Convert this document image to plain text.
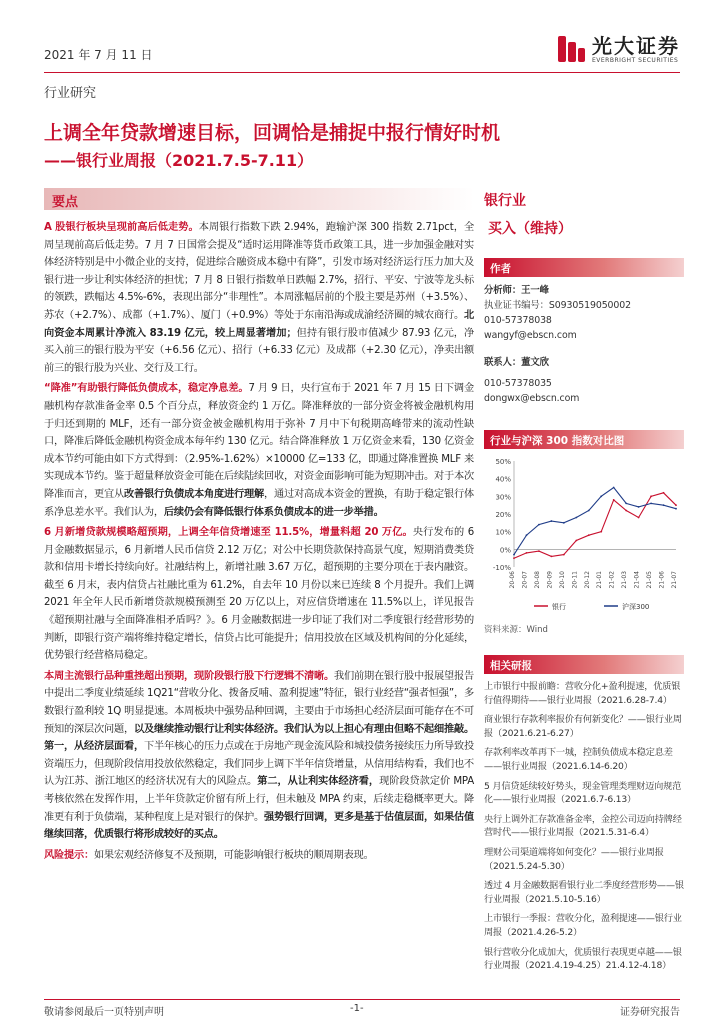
2021 年 7 月 11 日	光大证券
EVERBRIGHT SECURITIES
行业研究
上调全年贷款增速目标，回调恰是捕捉中报行情好时机
——银行业周报（2021.7.5-7.11）
要点

A 股银行板块呈现前高后低走势。本周银行指数下跌 2.94%，跑输沪深 300 指数 2.71pct，全周呈现前高后低走势。7 月 7 日国常会提及“适时运用降准等货币政策工具，进一步加强金融对实体经济特别是中小微企业的支持，促进综合融资成本稳中有降”，引发市场对经济运行压力加大及银行进一步让利实体经济的担忧；7 月 8 日银行指数单日跌幅 2.7%，招行、平安、宁波等龙头标的领跌，跌幅达 4.5%-6%，表现出部分“非理性”。本周涨幅居前的个股主要是苏州（+3.5%）、苏农（+2.7%）、成都（+1.7%）、厦门（+0.9%）等处于东南沿海或成渝经济圈的城农商行。北向资金本周累计净流入 83.19 亿元，较上周显著增加；但持有银行股市值减少 87.93 亿元，净买入前三的银行股为平安（+6.56 亿元）、招行（+6.33 亿元）及成都（+2.30 亿元），净卖出额前三的银行股为兴业、交行及工行。

“降准”有助银行降低负债成本，稳定净息差。7 月 9 日，央行宣布于 2021 年 7 月 15 日下调金融机构存款准备金率 0.5 个百分点，释放资金约 1 万亿。降准释放的一部分资金将被金融机构用于归还到期的 MLF，还有一部分资金被金融机构用于弥补 7 月中下旬税期高峰带来的流动性缺口，降准后降低金融机构资金成本每年约 130 亿元。结合降准释放 1 万亿资金来看，130 亿资金成本节约可能由如下方式得到：（2.95%-1.62%）×10000 亿=133 亿，即通过降准置换 MLF 来实现成本节约。鉴于超量释放资金可能在后续陆续回收，对资金面影响可能为短期冲击。对于本次降准而言，更宜从改善银行负债成本角度进行理解，通过对高成本资金的置换，有助于稳定银行体系净息差水平。我们认为，后续仍会有降低银行体系负债成本的进一步举措。

6 月新增贷款规模略超预期，上调全年信贷增速至 11.5%，增量料超 20 万亿。央行发布的 6 月金融数据显示，6 月新增人民币信贷 2.12 万亿；对公中长期贷款保持高景气度，短期消费类贷款和信用卡增长持续向好。社融结构上，新增社融 3.67 万亿，超预期的主要分项在于表内融资。截至 6 月末，表内信贷占社融比重为 61.2%，自去年 10 月份以来已连续 8 个月提升。我们上调 2021 年全年人民币新增贷款规模预测至 20 万亿以上，对应信贷增速在 11.5%以上，详见报告《超预期社融与全面降准相矛盾吗？》。6 月金融数据进一步印证了我们对二季度银行经营形势的判断，即银行资产端将维持稳定增长，信贷占比可能提升；信用投放在区域及机构间的分化延续，优势银行经营格局稳定。

本周主流银行品种重挫超出预期，现阶段银行股下行逻辑不清晰。我们前期在银行股中报展望报告中提出二季度业绩延续 1Q21“营收分化、拨备反哺、盈利提速”特征，银行业经营“强者恒强”，多数银行盈利较 1Q 明显提速。本周板块中强势品种回调，主要由于市场担心经济层面可能存在不可预知的深层次问题，以及继续推动银行让利实体经济。我们认为以上担心有理由但略不起细推敲。第一，从经济层面看，下半年核心的压力点或在于房地产现金流风险和城投债务接续压力所导致投资端压力，但现阶段信用投放依然稳定，我们同步上调下半年信贷增量，从信用结构看，我们也不认为江苏、浙江地区的经济状况有大的风险点。第二，从让利实体经济看，现阶段贷款定价 MPA 考核依然在发挥作用，上半年贷款定价留有所上行，但未触及 MPA 约束，后续走稳概率更大。降准更有利于负债端，某种程度上是对银行的保护。强势银行回调，更多是基于估值层面，如果估值继续回落，优质银行将形成较好的买点。

风险提示：如果宏观经济修复不及预期，可能影响银行板块的顺周期表现。

银行业
买入（维持）
作者
分析师：王一峰
执业证书编号：S0930519050002
010-57378038
wangyf@ebscn.com
联系人：董文欣
010-57378035
dongwx@ebscn.com
行业与沪深 300 指数对比图
50%
40%
30%
20%
10%
0%
-10%
20-06 20-07 20-08 20-09 20-10 20-11 20-12 21-01 21-02 21-03 21-04 21-05 21-06 21-07
银行	沪深300
资料来源：Wind
相关研报
上市银行中报前瞻：营收分化+盈利提速，优质银行值得期待——银行业周报（2021.6.28-7.4）
商业银行存款利率报价有何新变化？——银行业周报（2021.6.21-6.27）
存款利率改革再下一城，控制负债成本稳定息差——银行业周报（2021.6.14-6.20）
5 月信贷延续较好势头，现金管理类理财迈向规范化——银行业周报（2021.6.7-6.13）
央行上调外汇存款准备金率，金控公司迈向持牌经营时代——银行业周报（2021.5.31-6.4）
理财公司渠道端将如何变化？——银行业周报（2021.5.24-5.30）
透过 4 月金融数据看银行业二季度经营形势——银行业周报（2021.5.10-5.16）
上市银行一季报：营收分化，盈利提速——银行业周报（2021.4.26-5.2）
银行营收分化成加大，优质银行表现更卓越——银行业周报（2021.4.19-4.25）21.4.12-4.18）
敬请参阅最后一页特别声明	-1-	证券研究报告
